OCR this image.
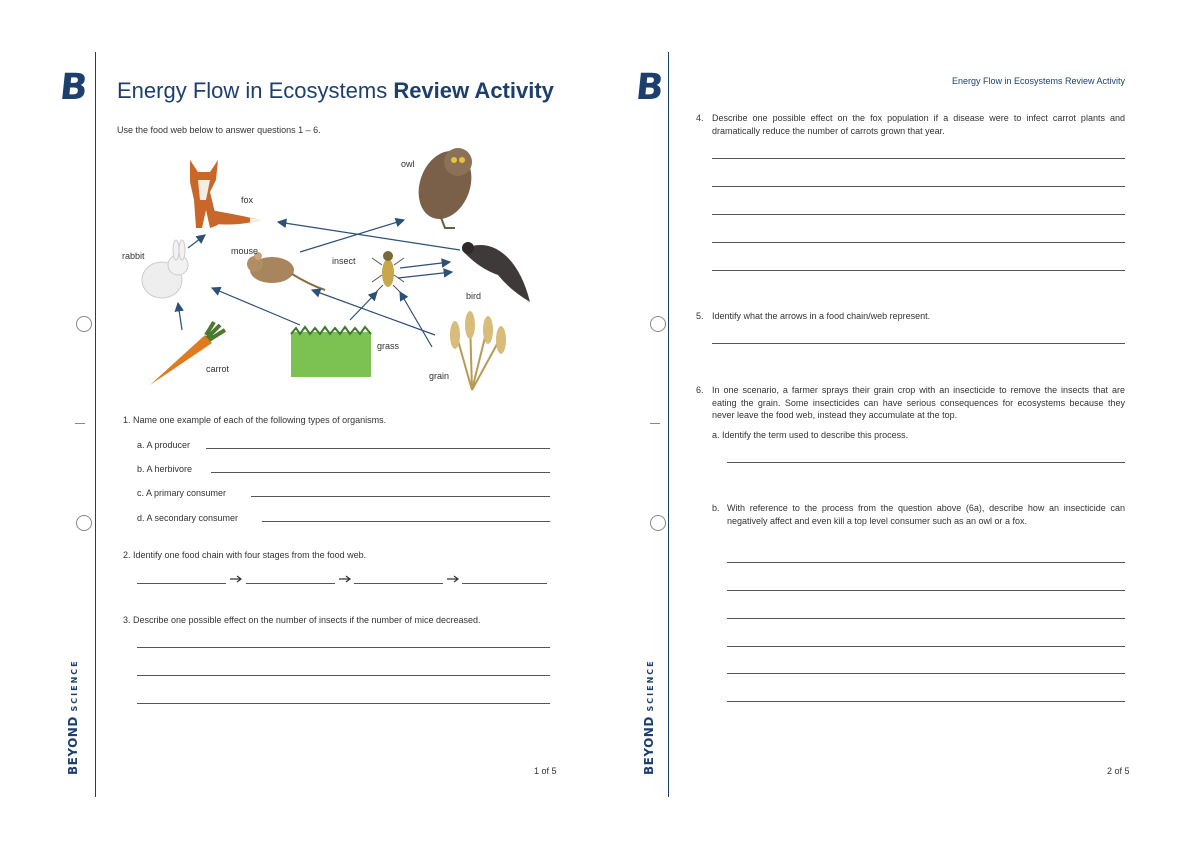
B
BEYOND SCIENCE
Energy Flow in Ecosystems Review Activity
Use the food web below to answer questions 1 – 6.
fox
owl
rabbit	mouse
insect
bird
grass
carrot
grain
1. Name one example of each of the following types of organisms.
a. A producer
b. A herbivore
c. A primary consumer
d. A secondary consumer
2. Identify one food chain with four stages from the food web.
3. Describe one possible effect on the number of insects if the number of mice decreased.
1 of 5
B
BEYOND SCIENCE
Energy Flow in Ecosystems Review Activity
4. Describe one possible effect on the fox population if a disease were to infect carrot plants and dramatically reduce the number of carrots grown that year.
5. Identify what the arrows in a food chain/web represent.
6. In one scenario, a farmer sprays their grain crop with an insecticide to remove the insects that are eating the grain. Some insecticides can have serious consequences for ecosystems because they never leave the food web, instead they accumulate at the top.
a. Identify the term used to describe this process.
b. With reference to the process from the question above (6a), describe how an insecticide can negatively affect and even kill a top level consumer such as an owl or a fox.
2 of 5
